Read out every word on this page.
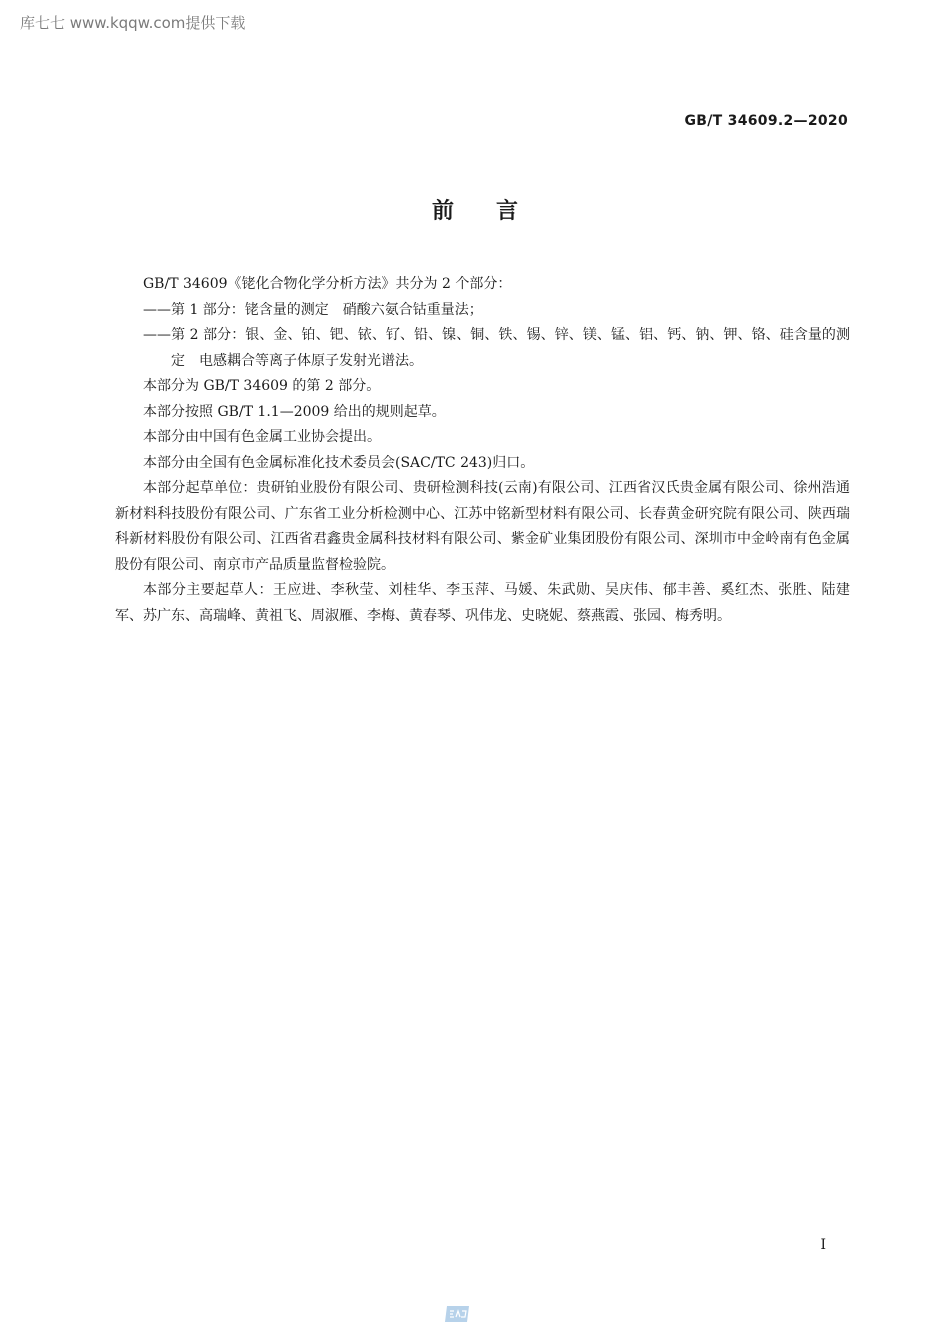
库七七 www.kqqw.com提供下载
GB/T 34609.2—2020
前言

GB/T 34609《铑化合物化学分析方法》共分为 2 个部分：

——第 1 部分：铑含量的测定　硝酸六氨合钴重量法；

——第 2 部分：银、金、铂、钯、铱、钌、铅、镍、铜、铁、锡、锌、镁、锰、铝、钙、钠、钾、铬、硅含量的测定　电感耦合等离子体原子发射光谱法。

本部分为 GB/T 34609 的第 2 部分。

本部分按照 GB/T 1.1—2009 给出的规则起草。

本部分由中国有色金属工业协会提出。

本部分由全国有色金属标准化技术委员会(SAC/TC 243)归口。

本部分起草单位：贵研铂业股份有限公司、贵研检测科技(云南)有限公司、江西省汉氏贵金属有限公司、徐州浩通新材料科技股份有限公司、广东省工业分析检测中心、江苏中铭新型材料有限公司、长春黄金研究院有限公司、陕西瑞科新材料股份有限公司、江西省君鑫贵金属科技材料有限公司、紫金矿业集团股份有限公司、深圳市中金岭南有色金属股份有限公司、南京市产品质量监督检验院。

本部分主要起草人：王应进、李秋莹、刘桂华、李玉萍、马媛、朱武勋、吴庆伟、郁丰善、奚红杰、张胜、陆建军、苏广东、高瑞峰、黄祖飞、周淑雁、李梅、黄春琴、巩伟龙、史晓妮、蔡燕霞、张园、梅秀明。

I
